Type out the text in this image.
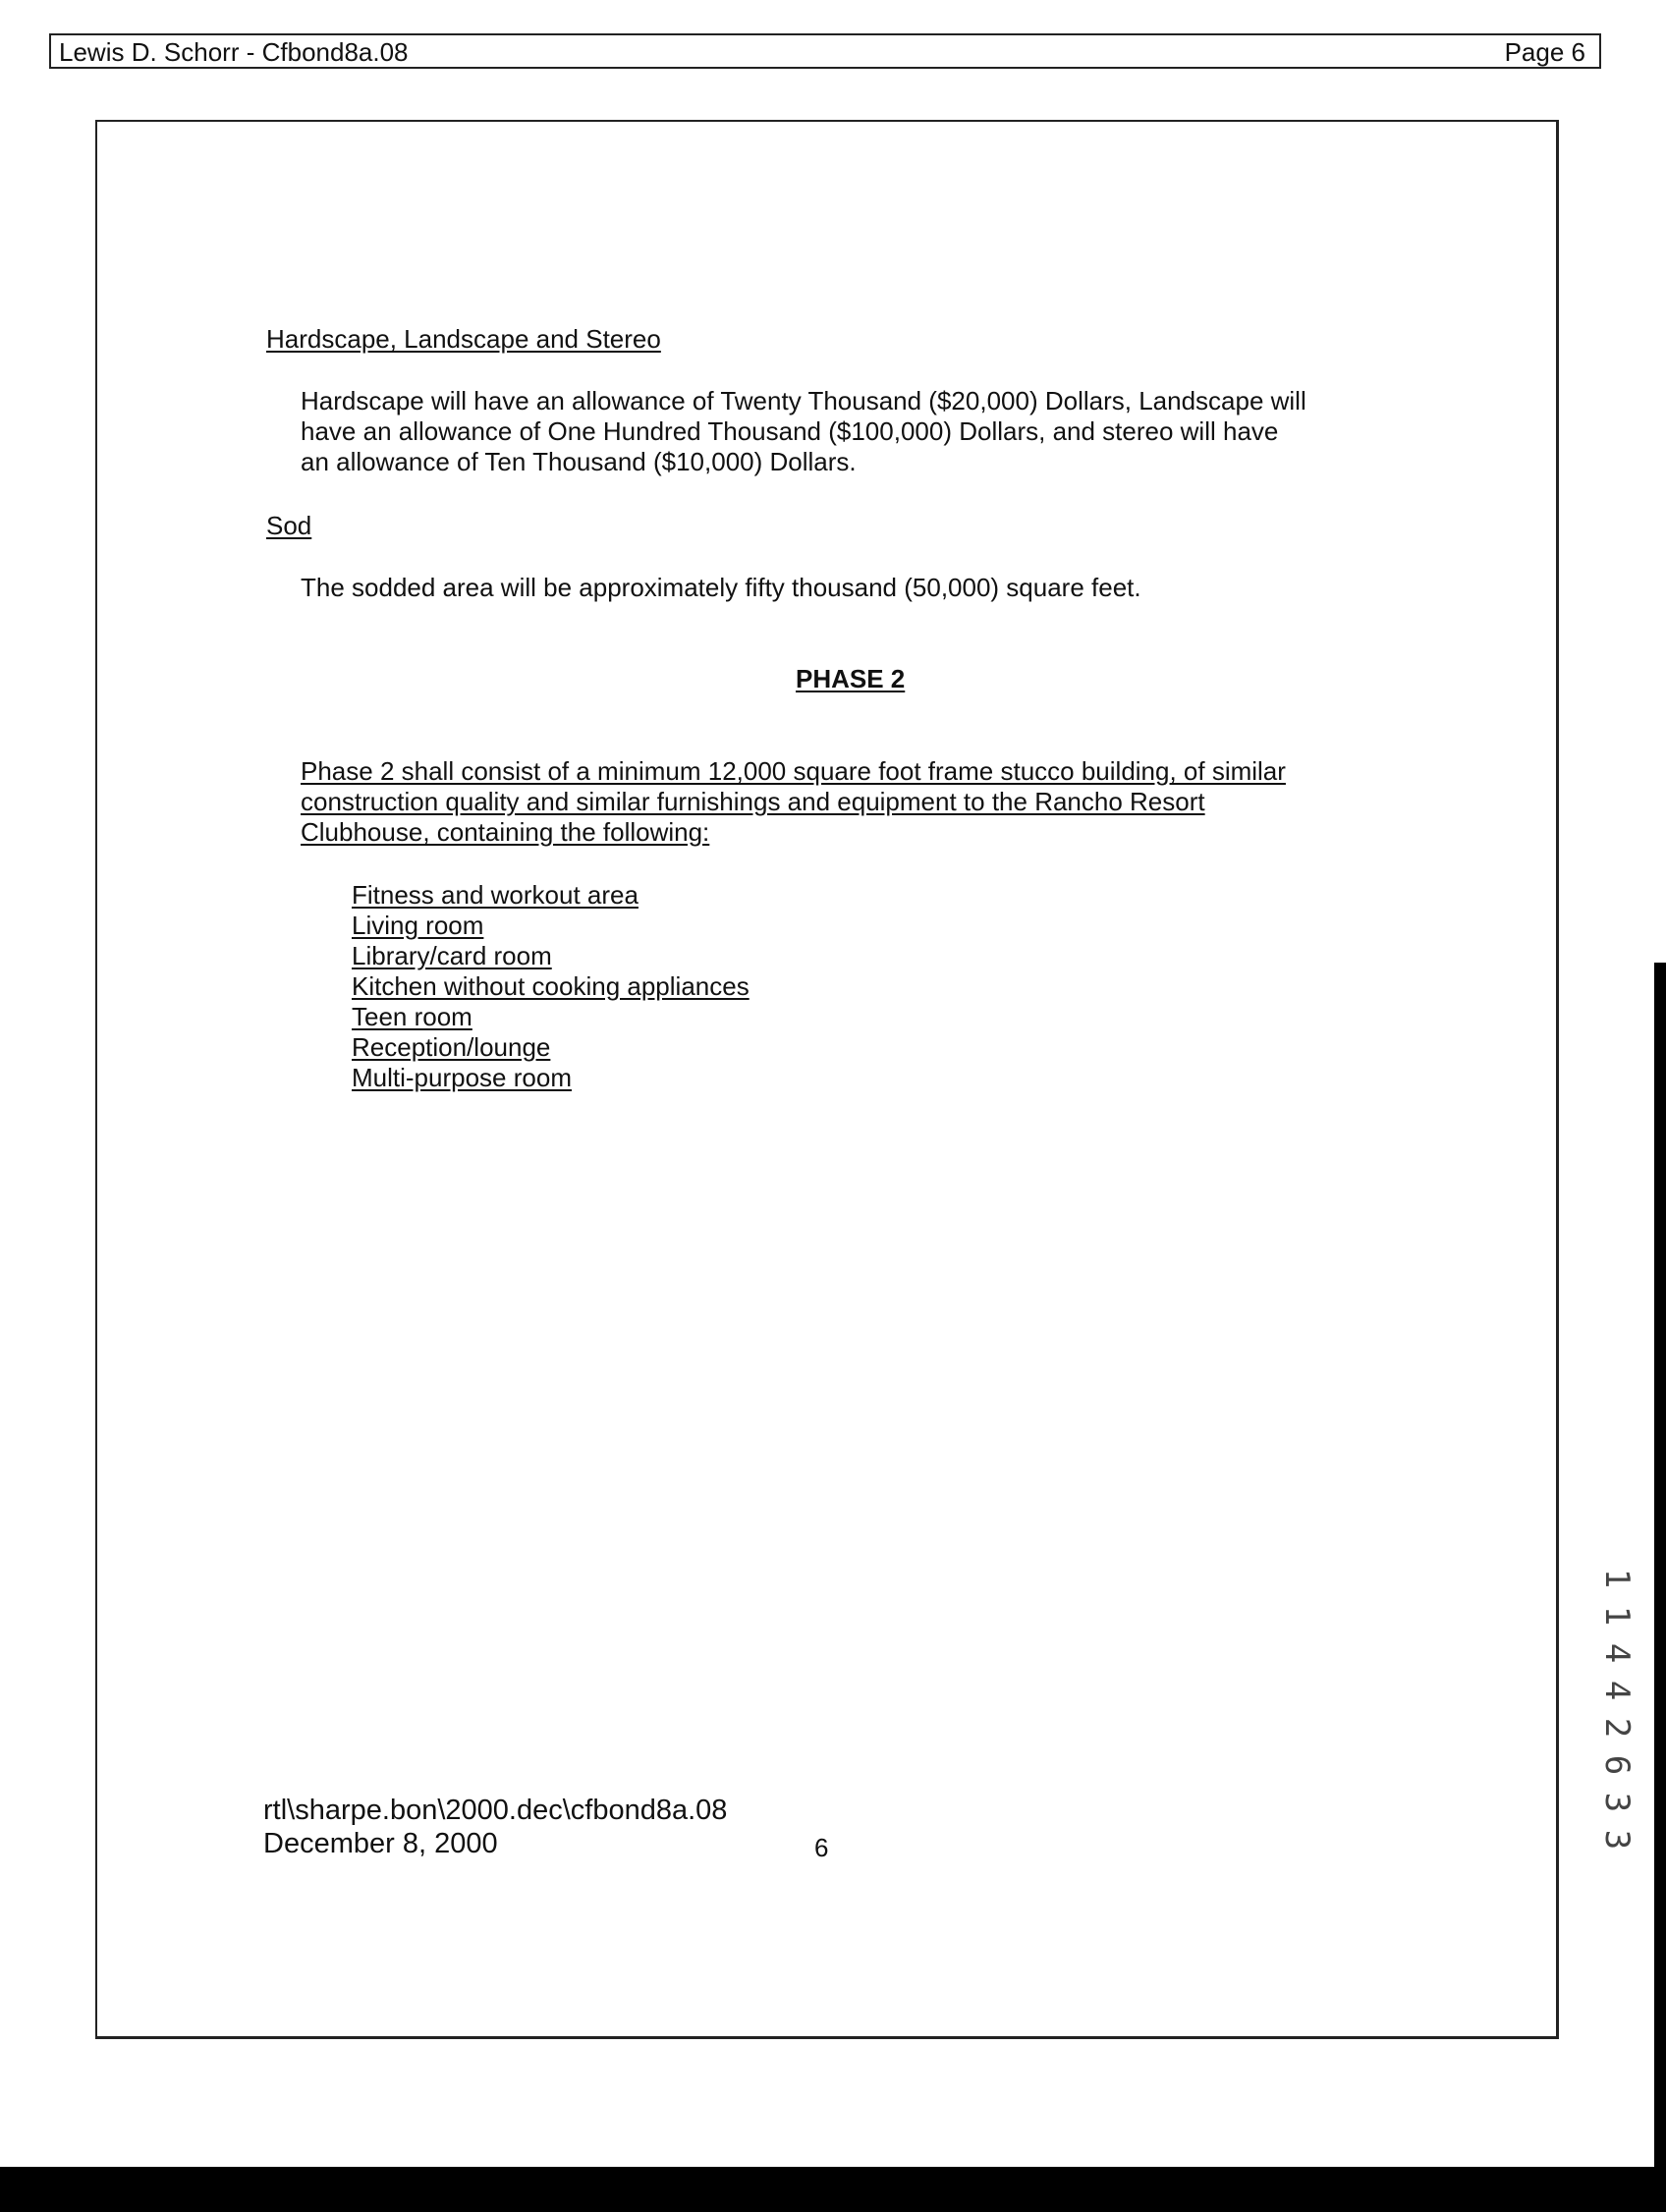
Lewis D. Schorr - Cfbond8a.08	Page 6
Hardscape, Landscape and Stereo
Hardscape will have an allowance of Twenty Thousand ($20,000) Dollars, Landscape will
have an allowance of One Hundred Thousand ($100,000) Dollars, and stereo will have
an allowance of Ten Thousand ($10,000) Dollars.
Sod
The sodded area will be approximately fifty thousand (50,000) square feet.
PHASE 2
Phase 2 shall consist of a minimum 12,000 square foot frame stucco building, of similar
construction quality and similar furnishings and equipment to the Rancho Resort
Clubhouse, containing the following:
Fitness and workout area
Living room
Library/card room
Kitchen without cooking appliances
Teen room
Reception/lounge
Multi-purpose room
rtl\sharpe.bon\2000.dec\cfbond8a.08
December 8, 2000	6
1
1
4
4
2
6
3
3
